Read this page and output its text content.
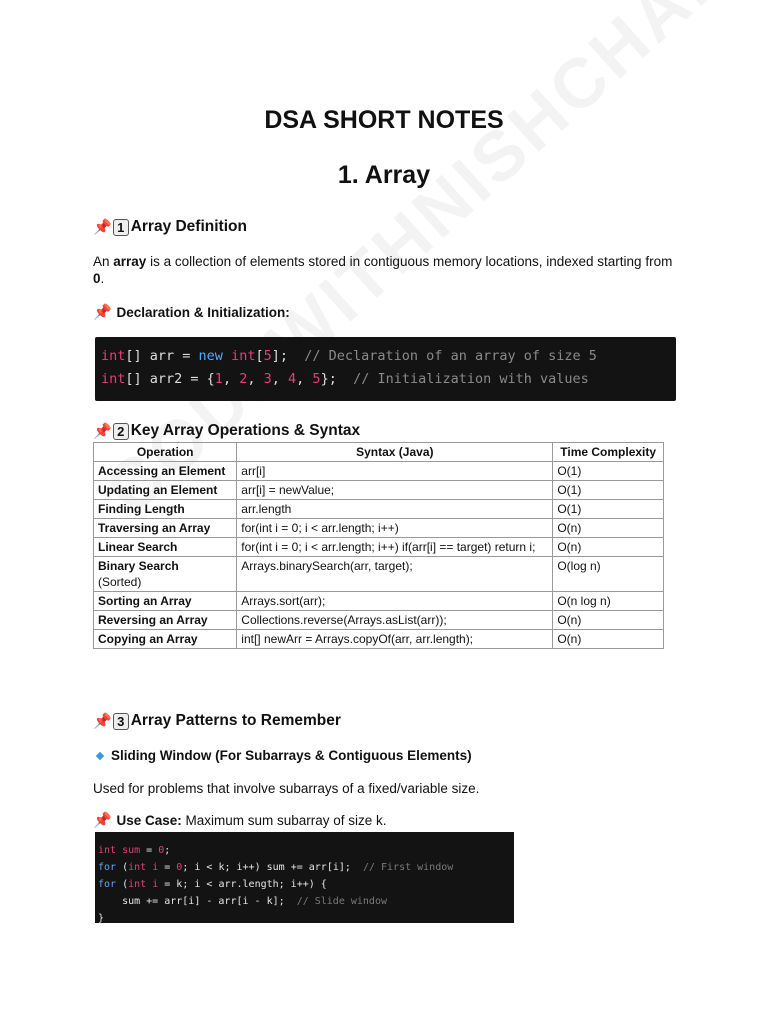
DSA SHORT NOTES
1. Array
📌 1 Array Definition
An array is a collection of elements stored in contiguous memory locations, indexed starting from 0.
📌 Declaration & Initialization:
int[] arr = new int[5];  // Declaration of an array of size 5
int[] arr2 = {1, 2, 3, 4, 5};  // Initialization with values
📌 2 Key Array Operations & Syntax
Operation	Syntax (Java)	Time Complexity
Accessing an Element	arr[i]	O(1)
Updating an Element	arr[i] = newValue;	O(1)
Finding Length	arr.length	O(1)
Traversing an Array	for(int i = 0; i < arr.length; i++)	O(n)
Linear Search	for(int i = 0; i < arr.length; i++) if(arr[i] == target) return i;	O(n)
Binary Search
(Sorted)	Arrays.binarySearch(arr, target);	O(log n)
Sorting an Array	Arrays.sort(arr);	O(n log n)
Reversing an Array	Collections.reverse(Arrays.asList(arr));	O(n)
Copying an Array	int[] newArr = Arrays.copyOf(arr, arr.length);	O(n)
📌 3 Array Patterns to Remember
Sliding Window (For Subarrays & Contiguous Elements)
Used for problems that involve subarrays of a fixed/variable size.
📌 Use Case: Maximum sum subarray of size k.
int sum = 0;
for (int i = 0; i < k; i++) sum += arr[i];  // First window
for (int i = k; i < arr.length; i++) {
sum += arr[i] - arr[i - k];  // Slide window
}
